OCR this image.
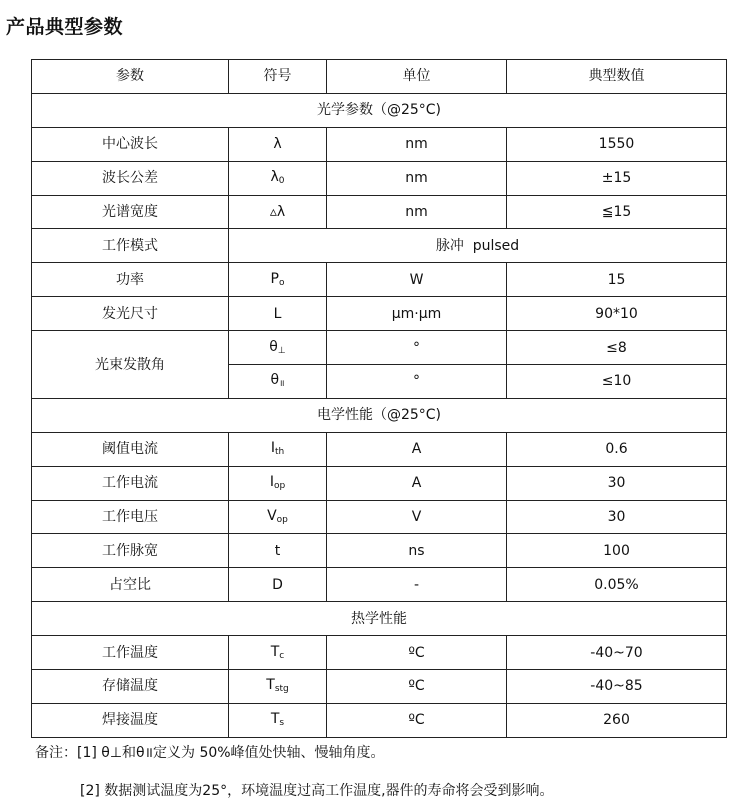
产品典型参数
参数	符号	单位	典型数值
光学参数（@25°C)			
中心波长	λ	nm	1550
波长公差	$\lambda_0$	nm	±15
光谱宽度	▵λ	nm	≦15
工作模式	脉冲  pulsed		
功率	$P_o$	W	15
发光尺寸	L	μm·μm	90*10
光束发散角	$\theta_\perp$	°	≤8
	$\theta_॥$	°	≤10
电学性能（@25°C)			
阈值电流	$I_{th}$	A	0.6
工作电流	$I_{op}$	A	30
工作电压	$V_{op}$	V	30
工作脉宽	t	ns	100
占空比	D	-	0.05%
热学性能			
工作温度	$T_c$	ºC	-40~70
存储温度	$T_{stg}$	ºC	-40~85
焊接温度	$T_s$	ºC	260
备注：[1] θ⊥和θ॥定义为 50%峰值处快轴、慢轴角度。
[2] 数据测试温度为25°，环境温度过高工作温度,器件的寿命将会受到影响。
